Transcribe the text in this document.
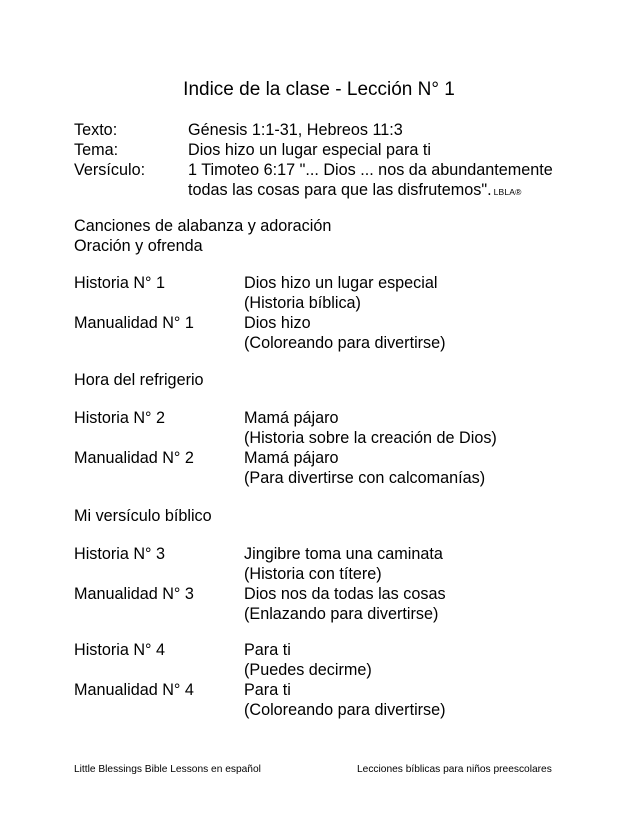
Indice de la clase - Lección N° 1
Texto:	Génesis 1:1-31, Hebreos 11:3
Tema:	Dios hizo un lugar especial para ti
Versículo:	1 Timoteo 6:17 "... Dios ... nos da abundantemente
todas las cosas para que las disfrutemos". LBLA®
Canciones de alabanza y adoración
Oración y ofrenda
Historia N° 1	Dios hizo un lugar especial
(Historia bíblica)
Manualidad N° 1	Dios hizo
(Coloreando para divertirse)
Hora del refrigerio
Historia N° 2	Mamá pájaro
(Historia sobre la creación de Dios)
Manualidad N° 2	Mamá pájaro
(Para divertirse con calcomanías)
Mi versículo bíblico
Historia N° 3	Jingibre toma una caminata
(Historia con títere)
Manualidad N° 3	Dios nos da todas las cosas
(Enlazando para divertirse)
Historia N° 4	Para ti
(Puedes decirme)
Manualidad N° 4	Para ti
(Coloreando para divertirse)
Little Blessings Bible Lessons en español	Lecciones bíblicas para niños preescolares
